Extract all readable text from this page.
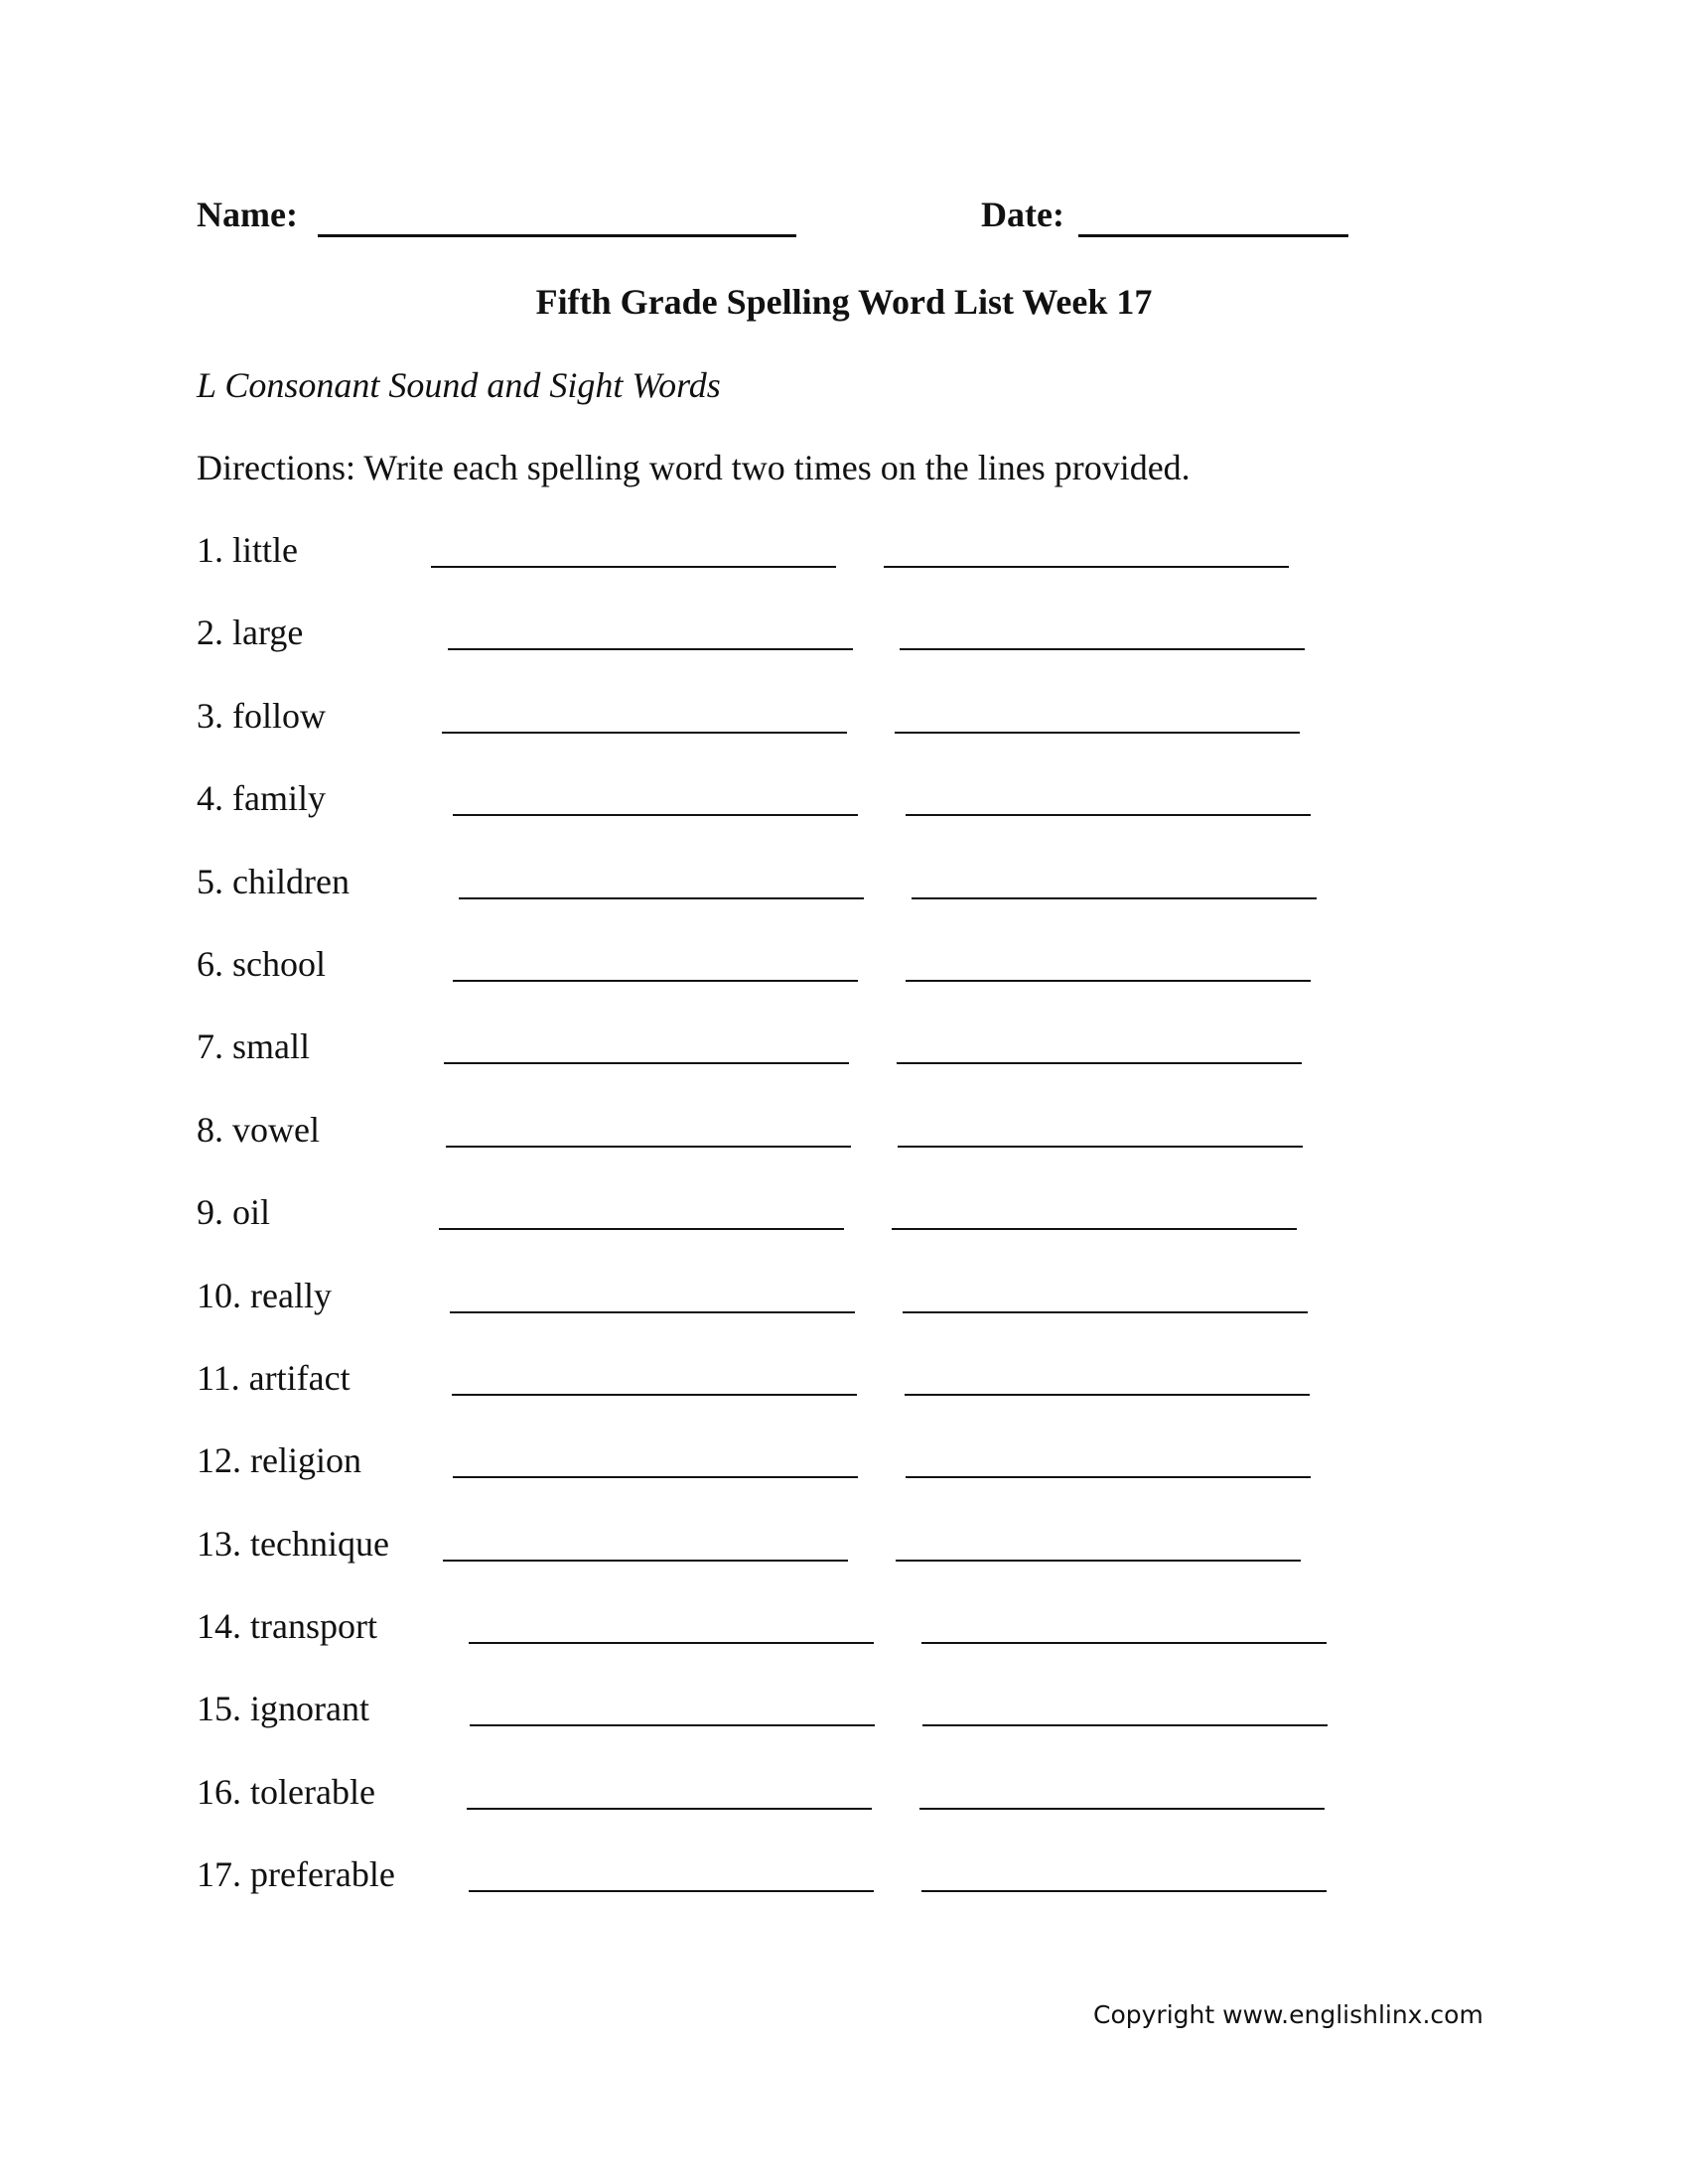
Name:	Date:
Fifth Grade Spelling Word List Week 17
L Consonant Sound and Sight Words
Directions: Write each spelling word two times on the lines provided.
1. little
2. large
3. follow
4. family
5. children
6. school
7. small
8. vowel
9. oil
10. really
11. artifact
12. religion
13. technique
14. transport
15. ignorant
16. tolerable
17. preferable
Copyright www.englishlinx.com
